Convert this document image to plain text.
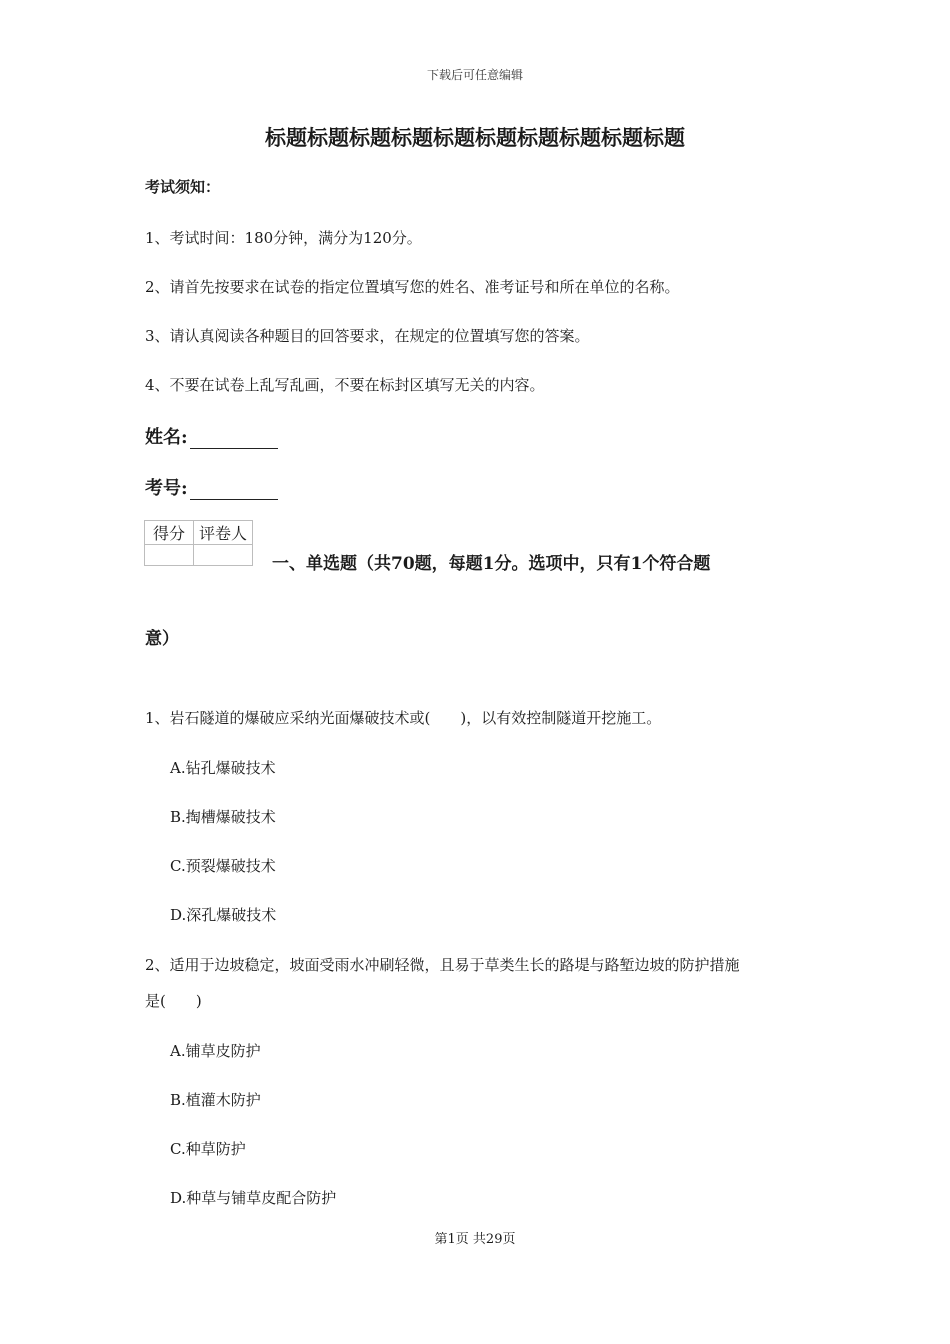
下载后可任意编辑
标题标题标题标题标题标题标题标题标题标题
考试须知：
1、考试时间：180分钟，满分为120分。
2、请首先按要求在试卷的指定位置填写您的姓名、准考证号和所在单位的名称。
3、请认真阅读各种题目的回答要求，在规定的位置填写您的答案。
4、不要在试卷上乱写乱画，不要在标封区填写无关的内容。
姓名:
考号:
得分	评卷人

一、单选题（共70题，每题1分。选项中，只有1个符合题
意）
1、岩石隧道的爆破应采纳光面爆破技术或(　　)，以有效控制隧道开挖施工。
A.钻孔爆破技术
B.掏槽爆破技术
C.预裂爆破技术
D.深孔爆破技术
2、适用于边坡稳定，坡面受雨水冲刷轻微，且易于草类生长的路堤与路堑边坡的防护措施
是(　　)
A.铺草皮防护
B.植灌木防护
C.种草防护
D.种草与铺草皮配合防护
第1页 共29页
